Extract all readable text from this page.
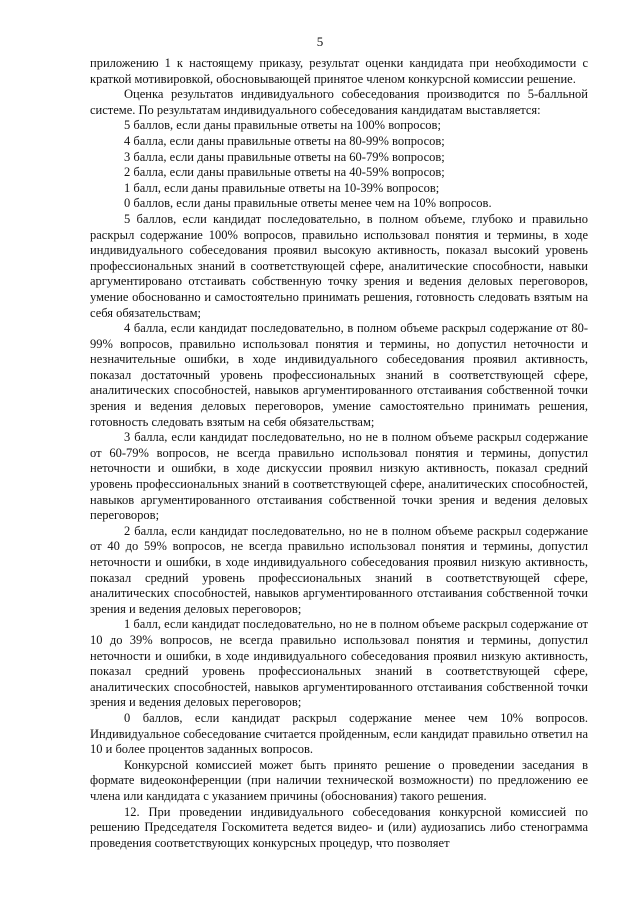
5

приложению 1 к настоящему приказу, результат оценки кандидата при необходимости с краткой мотивировкой, обосновывающей принятое членом конкурсной комиссии решение.

Оценка результатов индивидуального собеседования производится по 5-балльной системе. По результатам индивидуального собеседования кандидатам выставляется:

5 баллов, если даны правильные ответы на 100% вопросов;

4 балла, если даны правильные ответы на 80-99% вопросов;

3 балла, если даны правильные ответы на 60-79% вопросов;

2 балла, если даны правильные ответы на 40-59% вопросов;

1 балл, если даны правильные ответы на 10-39% вопросов;

0 баллов, если даны правильные ответы менее чем на 10% вопросов.

5 баллов, если кандидат последовательно, в полном объеме, глубоко и правильно раскрыл содержание 100% вопросов, правильно использовал понятия и термины, в ходе индивидуального собеседования проявил высокую активность, показал высокий уровень профессиональных знаний в соответствующей сфере, аналитические способности, навыки аргументировано отстаивать собственную точку зрения и ведения деловых переговоров, умение обоснованно и самостоятельно принимать решения, готовность следовать взятым на себя обязательствам;

4 балла, если кандидат последовательно, в полном объеме раскрыл содержание от 80-99% вопросов, правильно использовал понятия и термины, но допустил неточности и незначительные ошибки, в ходе индивидуального собеседования проявил активность, показал достаточный уровень профессиональных знаний в соответствующей сфере, аналитических способностей, навыков аргументированного отстаивания собственной точки зрения и ведения деловых переговоров, умение самостоятельно принимать решения, готовность следовать взятым на себя обязательствам;

3 балла, если кандидат последовательно, но не в полном объеме раскрыл содержание от 60-79% вопросов, не всегда правильно использовал понятия и термины, допустил неточности и ошибки, в ходе дискуссии проявил низкую активность, показал средний уровень профессиональных знаний в соответствующей сфере, аналитических способностей, навыков аргументированного отстаивания собственной точки зрения и ведения деловых переговоров;

2 балла, если кандидат последовательно, но не в полном объеме раскрыл содержание от 40 до 59% вопросов, не всегда правильно использовал понятия и термины, допустил неточности и ошибки, в ходе индивидуального собеседования проявил низкую активность, показал средний уровень профессиональных знаний в соответствующей сфере, аналитических способностей, навыков аргументированного отстаивания собственной точки зрения и ведения деловых переговоров;

1 балл, если кандидат последовательно, но не в полном объеме раскрыл содержание от 10 до 39% вопросов, не всегда правильно использовал понятия и термины, допустил неточности и ошибки, в ходе индивидуального собеседования проявил низкую активность, показал средний уровень профессиональных знаний в соответствующей сфере, аналитических способностей, навыков аргументированного отстаивания собственной точки зрения и ведения деловых переговоров;

0 баллов, если кандидат раскрыл содержание менее чем 10% вопросов. Индивидуальное собеседование считается пройденным, если кандидат правильно ответил на 10 и более процентов заданных вопросов.

Конкурсной комиссией может быть принято решение о проведении заседания в формате видеоконференции (при наличии технической возможности) по предложению ее члена или кандидата с указанием причины (обоснования) такого решения.

12. При проведении индивидуального собеседования конкурсной комиссией по решению Председателя Госкомитета ведется видео- и (или) аудиозапись либо стенограмма проведения соответствующих конкурсных процедур, что позволяет
